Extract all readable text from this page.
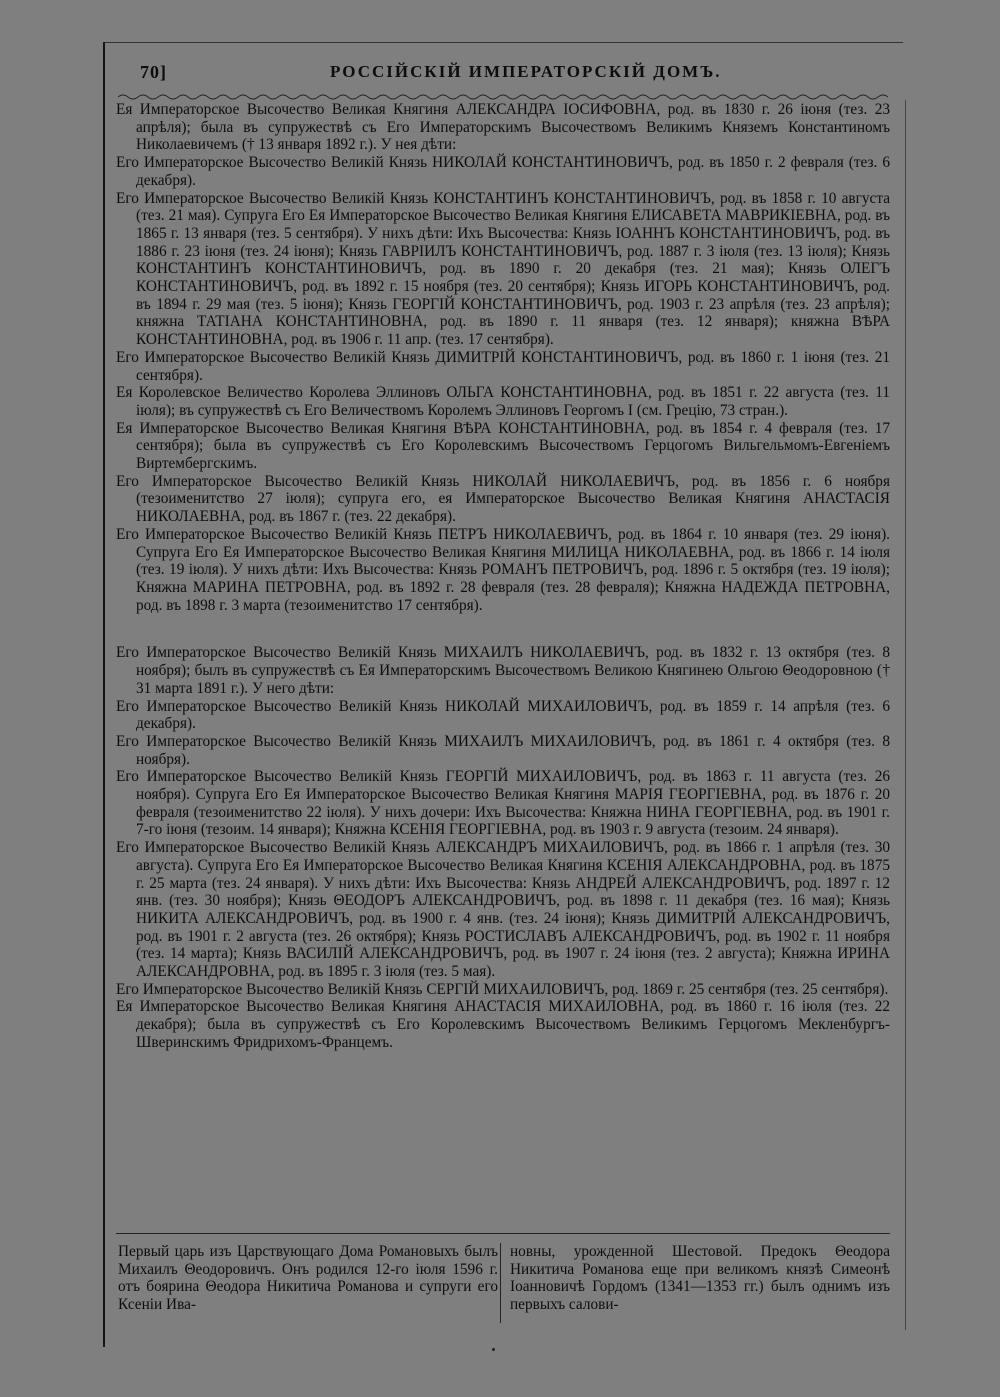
70]	РОССІЙСКІЙ ИМПЕРАТОРСКІЙ ДОМЪ.

Ея Императорское Высочество Великая Княгиня АЛЕКСАНДРА ІОСИФОВНА, род. въ 1830 г. 26 іюня (тез. 23 апрѣля); была въ супружествѣ съ Его Императорскимъ Высочествомъ Великимъ Княземъ Константиномъ Николаевичемъ († 13 января 1892 г.). У нея дѣти:

Его Императорское Высочество Великій Князь НИКОЛАЙ КОНСТАНТИНОВИЧЪ, род. въ 1850 г. 2 февраля (тез. 6 декабря).

Его Императорское Высочество Великій Князь КОНСТАНТИНЪ КОНСТАНТИНОВИЧЪ, род. въ 1858 г. 10 августа (тез. 21 мая). Супруга Его Ея Императорское Высочество Великая Княгиня ЕЛИСАВЕТА МАВРИКІЕВНА, род. въ 1865 г. 13 января (тез. 5 сентября). У нихъ дѣти: Ихъ Высочества: Князь ІОАННЪ КОНСТАНТИНОВИЧЪ, род. въ 1886 г. 23 іюня (тез. 24 іюня); Князь ГАВРІИЛЪ КОНСТАНТИНОВИЧЪ, род. 1887 г. 3 іюля (тез. 13 іюля); Князь КОНСТАНТИНЪ КОНСТАНТИНОВИЧЪ, род. въ 1890 г. 20 декабря (тез. 21 мая); Князь ОЛЕГЪ КОНСТАНТИНОВИЧЪ, род. въ 1892 г. 15 ноября (тез. 20 сентября); Князь ИГОРЬ КОНСТАНТИНОВИЧЪ, род. въ 1894 г. 29 мая (тез. 5 іюня); Князь ГЕОРГІЙ КОНСТАНТИНОВИЧЪ, род. 1903 г. 23 апрѣля (тез. 23 апрѣля); княжна ТАТІАНА КОНСТАНТИНОВНА, род. въ 1890 г. 11 января (тез. 12 января); княжна ВѢРА КОНСТАНТИНОВНА, род. въ 1906 г. 11 апр. (тез. 17 сентября).

Его Императорское Высочество Великій Князь ДИМИТРІЙ КОНСТАНТИНОВИЧЪ, род. въ 1860 г. 1 іюня (тез. 21 сентября).

Ея Королевское Величество Королева Эллиновъ ОЛЬГА КОНСТАНТИНОВНА, род. въ 1851 г. 22 августа (тез. 11 іюля); въ супружествѣ съ Его Величествомъ Королемъ Эллиновъ Георгомъ I (см. Грецію, 73 стран.).

Ея Императорское Высочество Великая Княгиня ВѢРА КОНСТАНТИНОВНА, род. въ 1854 г. 4 февраля (тез. 17 сентября); была въ супружествѣ съ Его Королевскимъ Высочествомъ Герцогомъ Вильгельмомъ-Евгеніемъ Виртембергскимъ.

Его Императорское Высочество Великій Князь НИКОЛАЙ НИКОЛАЕВИЧЪ, род. въ 1856 г. 6 ноября (тезоименитство 27 іюля); супруга его, ея Императорское Высочество Великая Княгиня АНАСТАСІЯ НИКОЛАЕВНА, род. въ 1867 г. (тез. 22 декабря).

Его Императорское Высочество Великій Князь ПЕТРЪ НИКОЛАЕВИЧЪ, род. въ 1864 г. 10 января (тез. 29 іюня). Супруга Его Ея Императорское Высочество Великая Княгиня МИЛИЦА НИКОЛАЕВНА, род. въ 1866 г. 14 іюля (тез. 19 іюля). У нихъ дѣти: Ихъ Высочества: Князь РОМАНЪ ПЕТРОВИЧЪ, род. 1896 г. 5 октября (тез. 19 іюля); Княжна МАРИНА ПЕТРОВНА, род. въ 1892 г. 28 февраля (тез. 28 февраля); Княжна НАДЕЖДА ПЕТРОВНА, род. въ 1898 г. 3 марта (тезоименитство 17 сентября).

Его Императорское Высочество Великій Князь МИХАИЛЪ НИКОЛАЕВИЧЪ, род. въ 1832 г. 13 октября (тез. 8 ноября); былъ въ супружествѣ съ Ея Императорскимъ Высочествомъ Великою Княгинею Ольгою Θеодоровною († 31 марта 1891 г.). У него дѣти:

Его Императорское Высочество Великій Князь НИКОЛАЙ МИХАИЛОВИЧЪ, род. въ 1859 г. 14 апрѣля (тез. 6 декабря).

Его Императорское Высочество Великій Князь МИХАИЛЪ МИХАИЛОВИЧЪ, род. въ 1861 г. 4 октября (тез. 8 ноября).

Его Императорское Высочество Великій Князь ГЕОРГІЙ МИХАИЛОВИЧЪ, род. въ 1863 г. 11 августа (тез. 26 ноября). Супруга Его Ея Императорское Высочество Великая Княгиня МАРІЯ ГЕОРГІЕВНА, род. въ 1876 г. 20 февраля (тезоименитство 22 іюля). У нихъ дочери: Ихъ Высочества: Княжна НИНА ГЕОРГІЕВНА, род. въ 1901 г. 7-го іюня (тезоим. 14 января); Княжна КСЕНІЯ ГЕОРГІЕВНА, род. въ 1903 г. 9 августа (тезоим. 24 января).

Его Императорское Высочество Великій Князь АЛЕКСАНДРЪ МИХАИЛОВИЧЪ, род. въ 1866 г. 1 апрѣля (тез. 30 августа). Супруга Его Ея Императорское Высочество Великая Княгиня КСЕНІЯ АЛЕКСАНДРОВНА, род. въ 1875 г. 25 марта (тез. 24 января). У нихъ дѣти: Ихъ Высочества: Князь АНДРЕЙ АЛЕКСАНДРОВИЧЪ, род. 1897 г. 12 янв. (тез. 30 ноября); Князь ΘЕОДОРЪ АЛЕКСАНДРОВИЧЪ, род. въ 1898 г. 11 декабря (тез. 16 мая); Князь НИКИТА АЛЕКСАНДРОВИЧЪ, род. въ 1900 г. 4 янв. (тез. 24 іюня); Князь ДИМИТРІЙ АЛЕКСАНДРОВИЧЪ, род. въ 1901 г. 2 августа (тез. 26 октября); Князь РОСТИСЛАВЪ АЛЕКСАНДРОВИЧЪ, род. въ 1902 г. 11 ноября (тез. 14 марта); Князь ВАСИЛІЙ АЛЕКСАНДРОВИЧЪ, род. въ 1907 г. 24 іюня (тез. 2 августа); Княжна ИРИНА АЛЕКСАНДРОВНА, род. въ 1895 г. 3 іюля (тез. 5 мая).

Его Императорское Высочество Великій Князь СЕРГІЙ МИХАИЛОВИЧЪ, род. 1869 г. 25 сентября (тез. 25 сентября).

Ея Императорское Высочество Великая Княгиня АНАСТАСІЯ МИХАИЛОВНА, род. въ 1860 г. 16 іюля (тез. 22 декабря); была въ супружествѣ съ Его Королевскимъ Высочествомъ Великимъ Герцогомъ Мекленбургъ-Шверинскимъ Фридрихомъ-Францемъ.

Первый царь изъ Царствующаго Дома Романовыхъ былъ Михаилъ Θеодоровичъ. Онъ родился 12-го іюля 1596 г. отъ боярина Θеодора Никитича Романова и супруги его Ксеніи Ива-
новны, урожденной Шестовой. Предокъ Θеодора Никитича Романова еще при великомъ князѣ Симеонѣ Іоанновичѣ Гордомъ (1341—1353 гг.) былъ однимъ изъ первыхъ салови-
